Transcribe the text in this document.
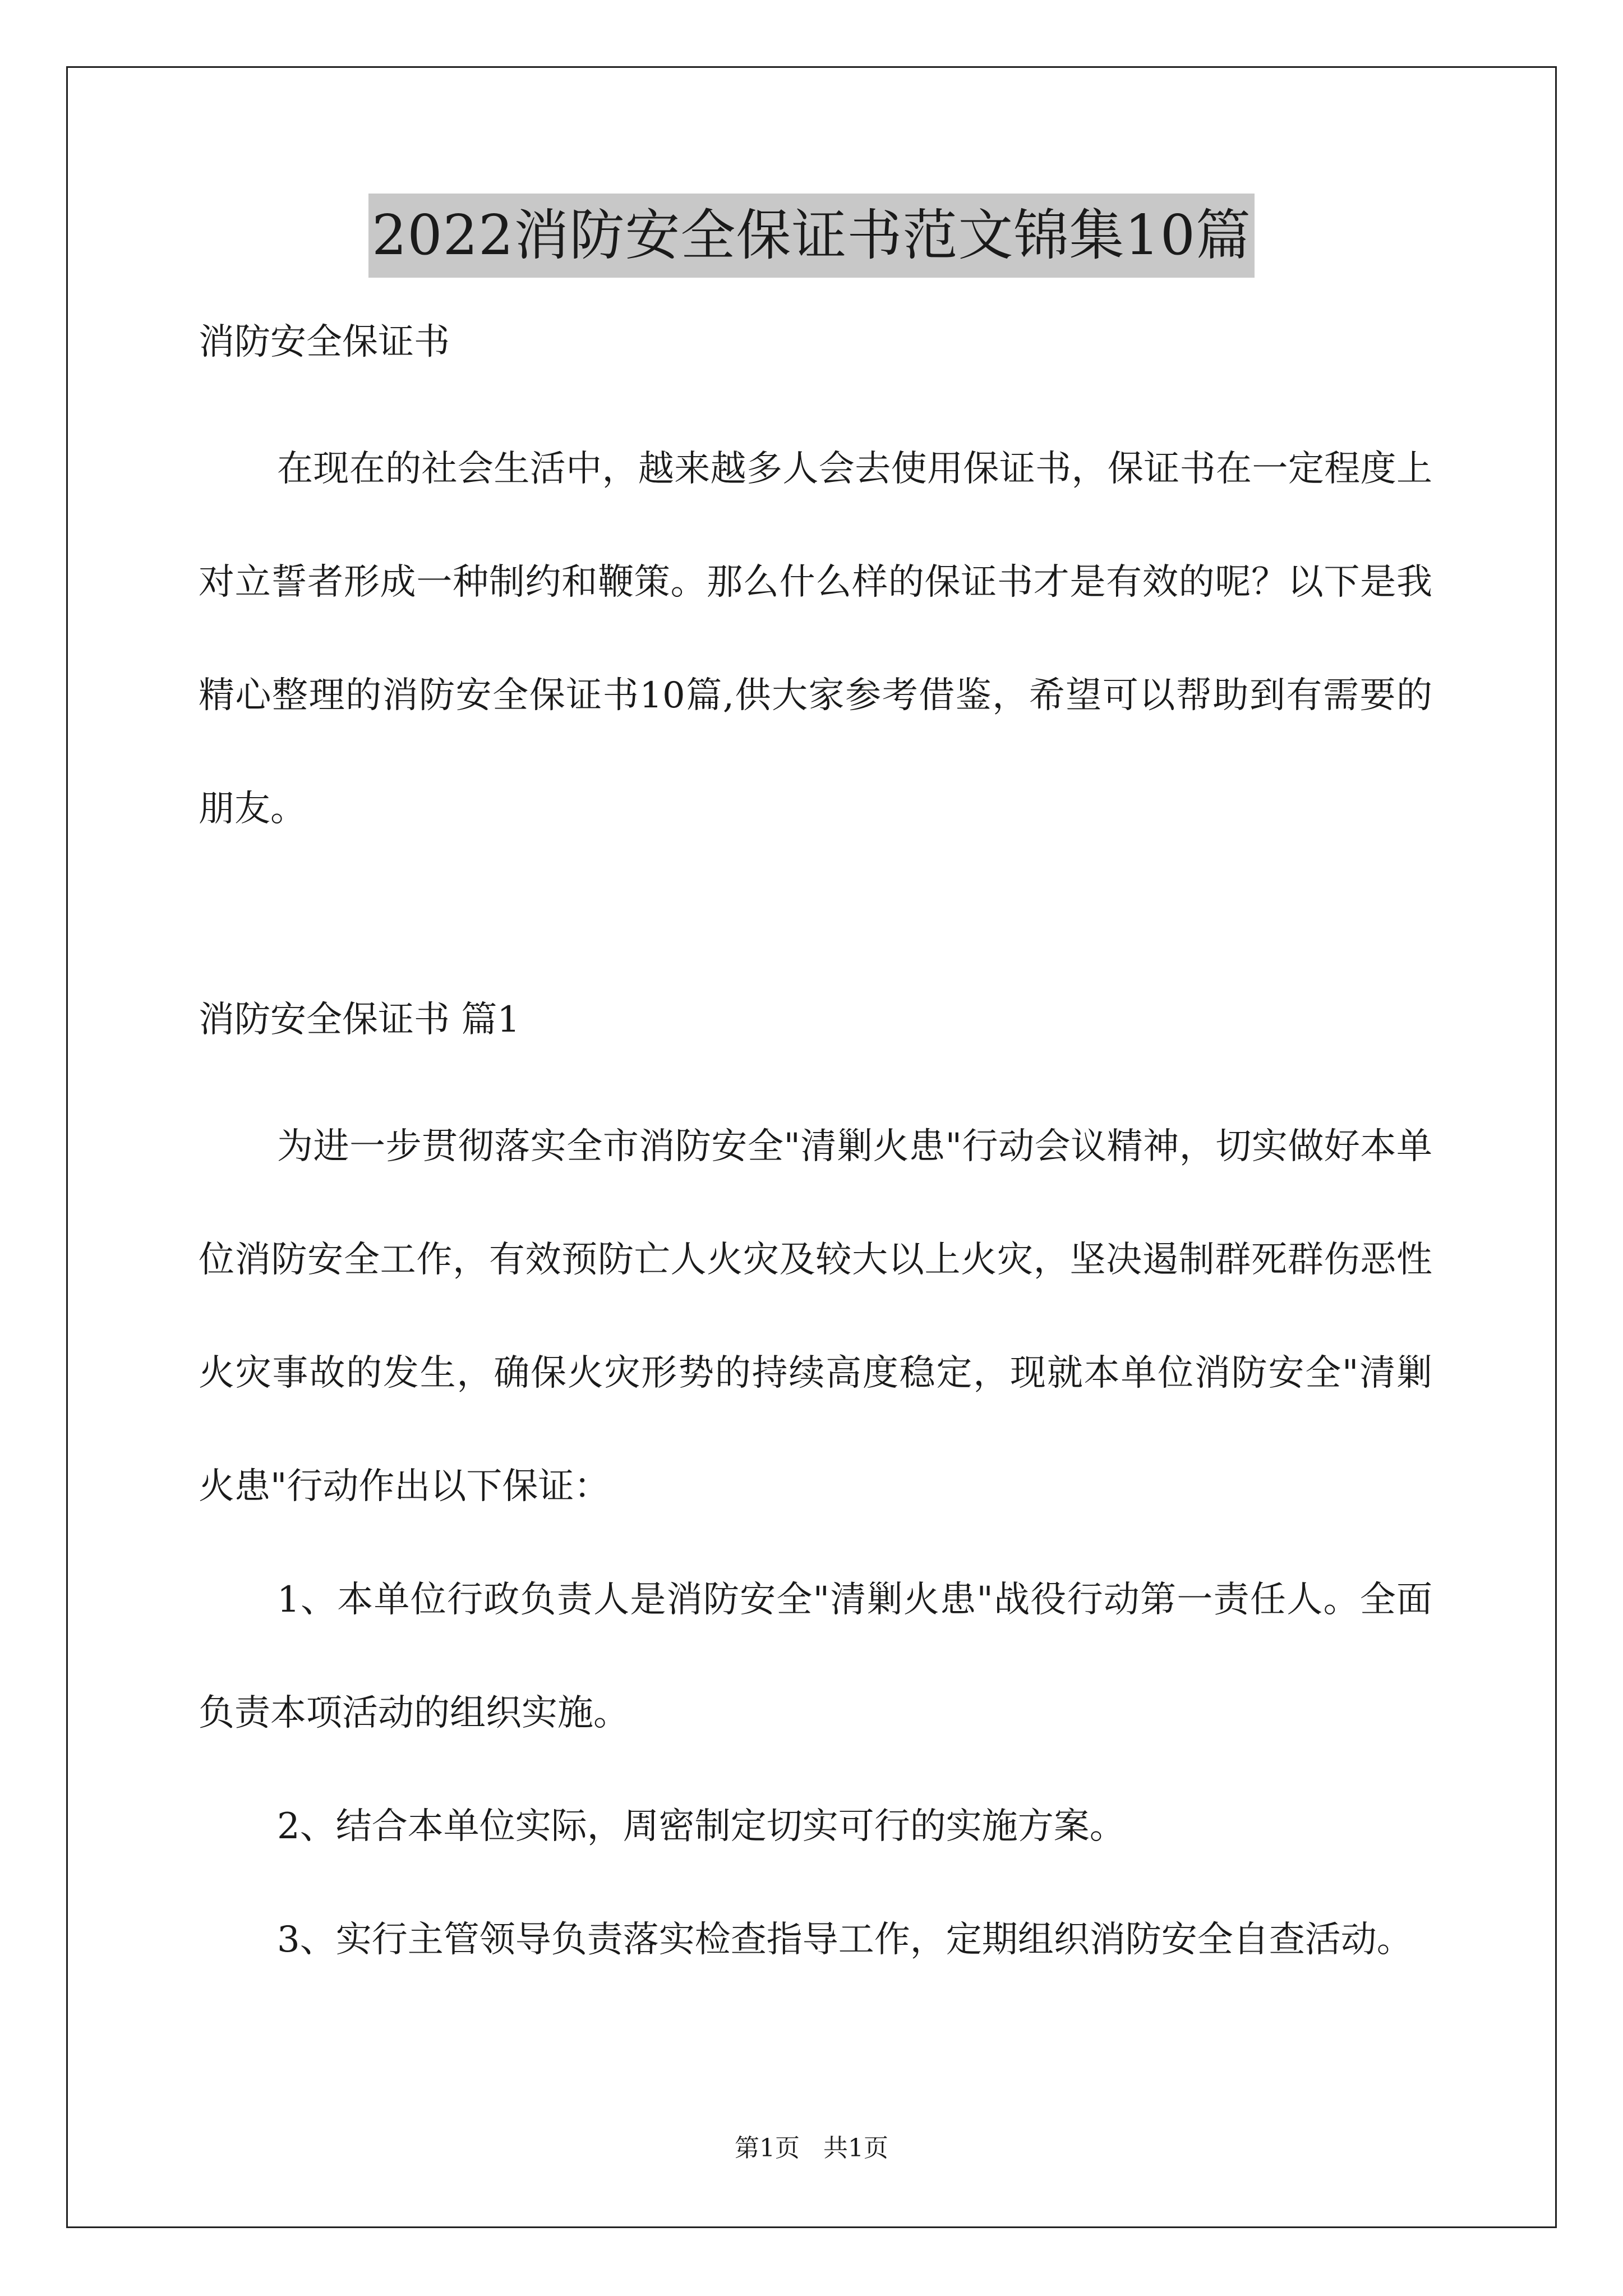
2022消防安全保证书范文锦集10篇

消防安全保证书

在现在的社会生活中，越来越多人会去使用保证书，保证书在一定程度上对立誓者形成一种制约和鞭策。那么什么样的保证书才是有效的呢？以下是我精心整理的消防安全保证书10篇,供大家参考借鉴，希望可以帮助到有需要的朋友。

消防安全保证书 篇1

为进一步贯彻落实全市消防安全"清剿火患"行动会议精神，切实做好本单位消防安全工作，有效预防亡人火灾及较大以上火灾，坚决遏制群死群伤恶性火灾事故的发生，确保火灾形势的持续高度稳定，现就本单位消防安全"清剿火患"行动作出以下保证：

1、本单位行政负责人是消防安全"清剿火患"战役行动第一责任人。全面负责本项活动的组织实施。

2、结合本单位实际，周密制定切实可行的实施方案。

3、实行主管领导负责落实检查指导工作，定期组织消防安全自查活动。

第1页 共1页
